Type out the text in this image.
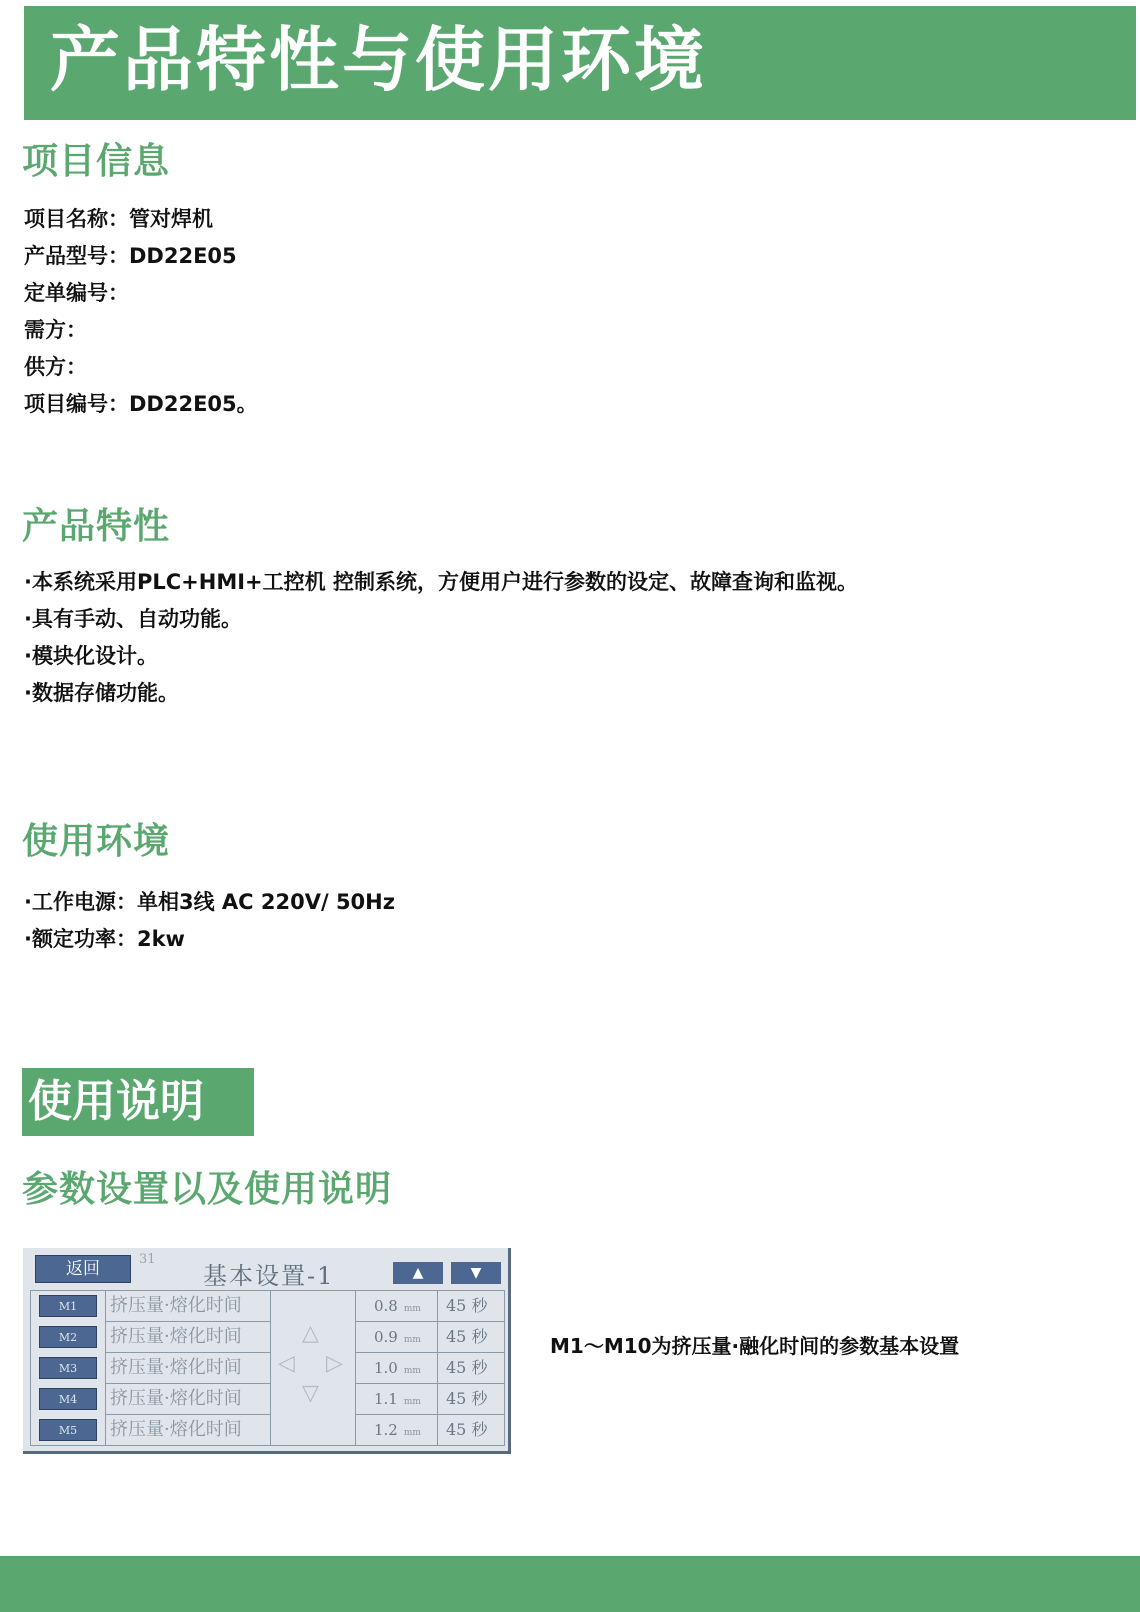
产品特性与使用环境
项目信息
项目名称：管对焊机
产品型号：DD22E05
定单编号：
需方：
供方：
项目编号：DD22E05。
产品特性
· 本系统采用PLC+HMI+工控机 控制系统，方便用户进行参数的设定、故障查询和监视。
· 具有手动、自动功能。
· 模块化设计。
· 数据存储功能。
使用环境
· 工作电源：单相3线 AC 220V/ 50Hz
· 额定功率：2kw
使用说明
参数设置以及使用说明
返回	31
基本设置-1	▲	▼
M1	挤压量·熔化时间	0.8 mm	45 秒
M2	挤压量·熔化时间	0.9 mm	45 秒
M3	挤压量·熔化时间	1.0 mm	45 秒
M4	挤压量·熔化时间	1.1 mm	45 秒
M5	挤压量·熔化时间	1.2 mm	45 秒
△
◁ ▷
▽

M1～M10为挤压量·融化时间的参数基本设置
